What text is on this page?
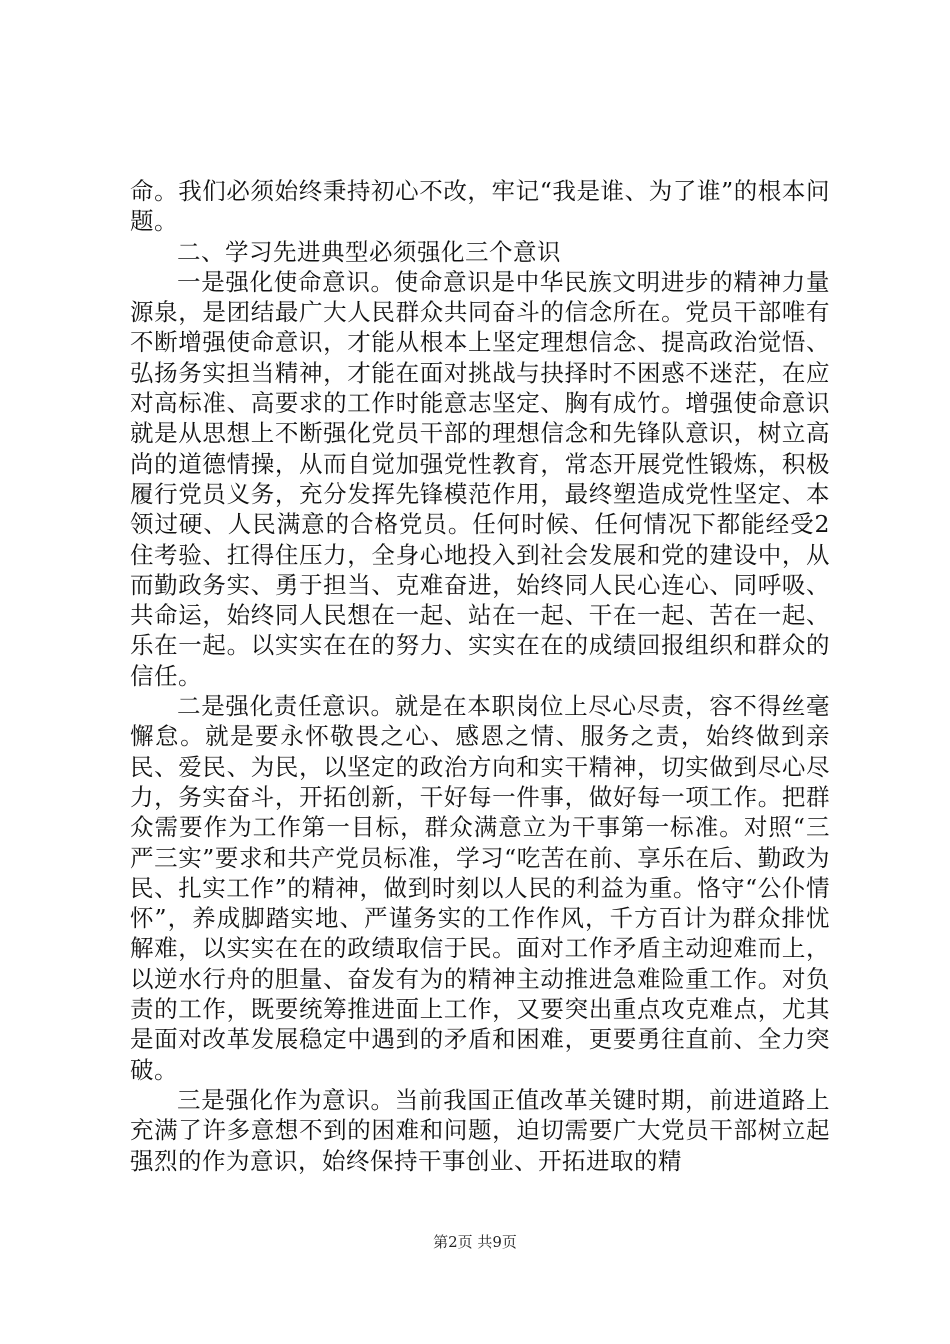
命。我们必须始终秉持初心不改，牢记“我是谁、为了谁”的根本问题。

二、学习先进典型必须强化三个意识

一是强化使命意识。使命意识是中华民族文明进步的精神力量源泉，是团结最广大人民群众共同奋斗的信念所在。党员干部唯有不断增强使命意识，才能从根本上坚定理想信念、提高政治觉悟、弘扬务实担当精神，才能在面对挑战与抉择时不困惑不迷茫，在应对高标准、高要求的工作时能意志坚定、胸有成竹。增强使命意识就是从思想上不断强化党员干部的理想信念和先锋队意识，树立高尚的道德情操，从而自觉加强党性教育，常态开展党性锻炼，积极履行党员义务，充分发挥先锋模范作用，最终塑造成党性坚定、本领过硬、人民满意的合格党员。任何时候、任何情况下都能经受2住考验、扛得住压力，全身心地投入到社会发展和党的建设中，从而勤政务实、勇于担当、克难奋进，始终同人民心连心、同呼吸、共命运，始终同人民想在一起、站在一起、干在一起、苦在一起、乐在一起。以实实在在的努力、实实在在的成绩回报组织和群众的信任。

二是强化责任意识。就是在本职岗位上尽心尽责，容不得丝毫懈怠。就是要永怀敬畏之心、感恩之情、服务之责，始终做到亲民、爱民、为民，以坚定的政治方向和实干精神，切实做到尽心尽力，务实奋斗，开拓创新，干好每一件事，做好每一项工作。把群众需要作为工作第一目标，群众满意立为干事第一标准。对照“三严三实”要求和共产党员标准，学习“吃苦在前、享乐在后、勤政为民、扎实工作”的精神，做到时刻以人民的利益为重。恪守“公仆情怀”，养成脚踏实地、严谨务实的工作作风，千方百计为群众排忧解难，以实实在在的政绩取信于民。面对工作矛盾主动迎难而上，以逆水行舟的胆量、奋发有为的精神主动推进急难险重工作。对负责的工作，既要统筹推进面上工作，又要突出重点攻克难点，尤其是面对改革发展稳定中遇到的矛盾和困难，更要勇往直前、全力突破。

三是强化作为意识。当前我国正值改革关键时期，前进道路上充满了许多意想不到的困难和问题，迫切需要广大党员干部树立起强烈的作为意识，始终保持干事创业、开拓进取的精

第2页 共9页
